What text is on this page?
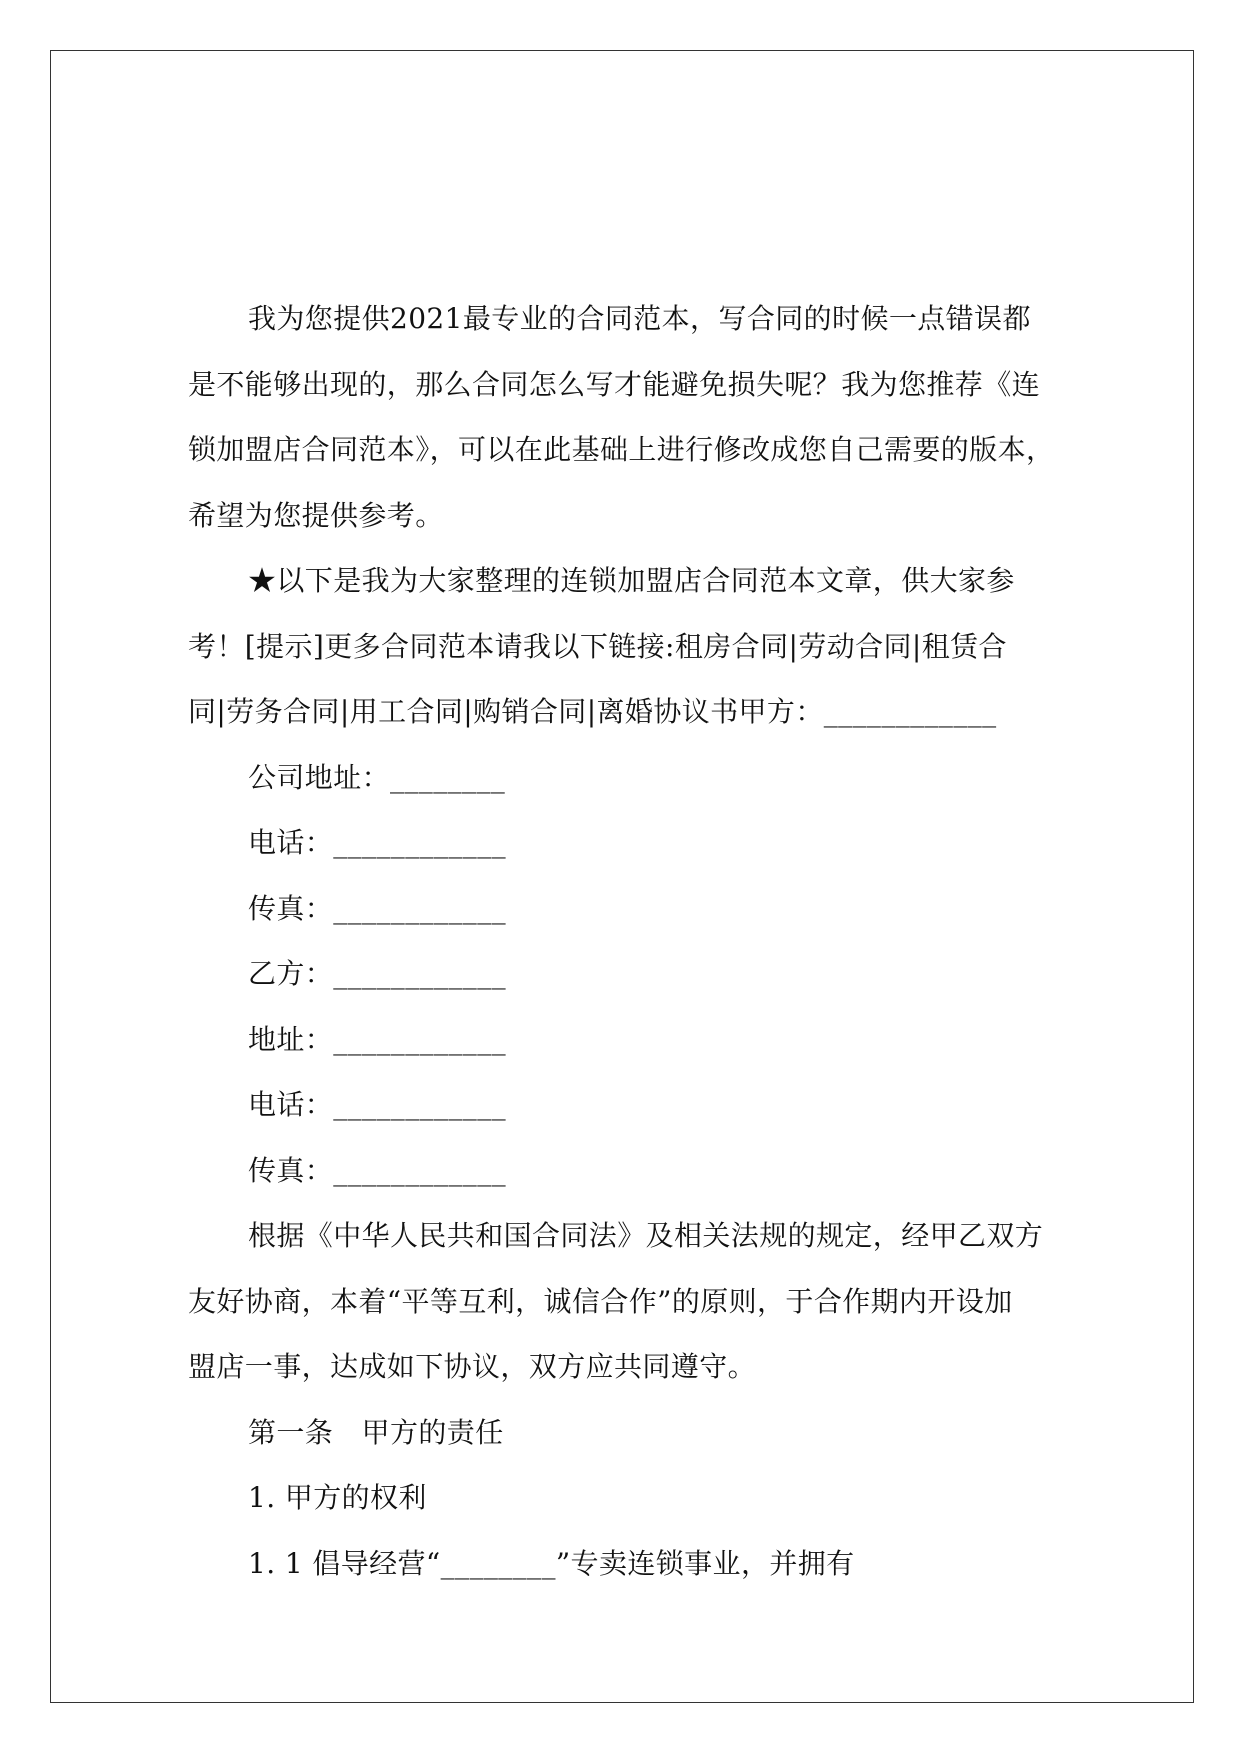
我为您提供2021最专业的合同范本，写合同的时候一点错误都
是不能够出现的，那么合同怎么写才能避免损失呢？我为您推荐《连
锁加盟店合同范本》，可以在此基础上进行修改成您自己需要的版本，
希望为您提供参考。
★以下是我为大家整理的连锁加盟店合同范本文章，供大家参
考！[提示]更多合同范本请我以下链接:租房合同|劳动合同|租赁合
同|劳务合同|用工合同|购销合同|离婚协议书甲方：____________

公司地址：________

电话：____________

传真：____________

乙方：____________

地址：____________

电话：____________

传真：____________

根据《中华人民共和国合同法》及相关法规的规定，经甲乙双方
友好协商，本着“平等互利，诚信合作”的原则，于合作期内开设加
盟店一事，达成如下协议，双方应共同遵守。

第一条　甲方的责任

1. 甲方的权利

1. 1 倡导经营“________”专卖连锁事业，并拥有
